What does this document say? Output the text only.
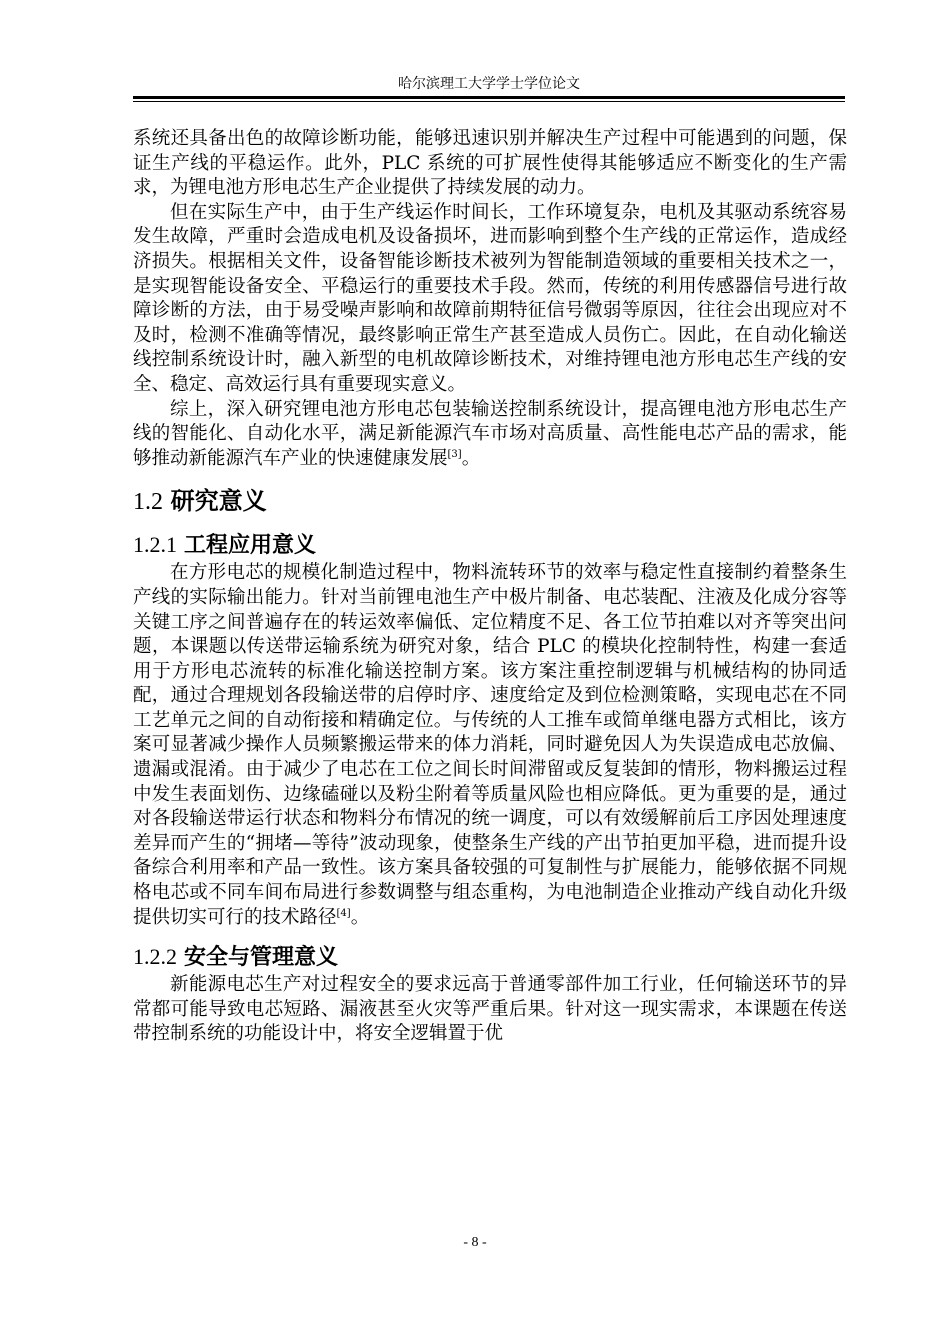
哈尔滨理工大学学士学位论文

系统还具备出色的故障诊断功能，能够迅速识别并解决生产过程中可能遇到的问题，保证生产线的平稳运作。此外，PLC 系统的可扩展性使得其能够适应不断变化的生产需求，为锂电池方形电芯生产企业提供了持续发展的动力。

但在实际生产中，由于生产线运作时间长，工作环境复杂，电机及其驱动系统容易发生故障，严重时会造成电机及设备损坏，进而影响到整个生产线的正常运作，造成经济损失。根据相关文件，设备智能诊断技术被列为智能制造领域的重要相关技术之一，是实现智能设备安全、平稳运行的重要技术手段。然而，传统的利用传感器信号进行故障诊断的方法，由于易受噪声影响和故障前期特征信号微弱等原因，往往会出现应对不及时，检测不准确等情况，最终影响正常生产甚至造成人员伤亡。因此，在自动化输送线控制系统设计时，融入新型的电机故障诊断技术，对维持锂电池方形电芯生产线的安全、稳定、高效运行具有重要现实意义。

综上，深入研究锂电池方形电芯包装输送控制系统设计，提高锂电池方形电芯生产线的智能化、自动化水平，满足新能源汽车市场对高质量、高性能电芯产品的需求，能够推动新能源汽车产业的快速健康发展[3]。

1.2 研究意义
1.2.1 工程应用意义

在方形电芯的规模化制造过程中，物料流转环节的效率与稳定性直接制约着整条生产线的实际输出能力。针对当前锂电池生产中极片制备、电芯装配、注液及化成分容等关键工序之间普遍存在的转运效率偏低、定位精度不足、各工位节拍难以对齐等突出问题，本课题以传送带运输系统为研究对象，结合 PLC 的模块化控制特性，构建一套适用于方形电芯流转的标准化输送控制方案。该方案注重控制逻辑与机械结构的协同适配，通过合理规划各段输送带的启停时序、速度给定及到位检测策略，实现电芯在不同工艺单元之间的自动衔接和精确定位。与传统的人工推车或简单继电器方式相比，该方案可显著减少操作人员频繁搬运带来的体力消耗，同时避免因人为失误造成电芯放偏、遗漏或混淆。由于减少了电芯在工位之间长时间滞留或反复装卸的情形，物料搬运过程中发生表面划伤、边缘磕碰以及粉尘附着等质量风险也相应降低。更为重要的是，通过对各段输送带运行状态和物料分布情况的统一调度，可以有效缓解前后工序因处理速度差异而产生的“拥堵—等待”波动现象，使整条生产线的产出节拍更加平稳，进而提升设备综合利用率和产品一致性。该方案具备较强的可复制性与扩展能力，能够依据不同规格电芯或不同车间布局进行参数调整与组态重构，为电池制造企业推动产线自动化升级提供切实可行的技术路径[4]。

1.2.2 安全与管理意义

新能源电芯生产对过程安全的要求远高于普通零部件加工行业，任何输送环节的异常都可能导致电芯短路、漏液甚至火灾等严重后果。针对这一现实需求，本课题在传送带控制系统的功能设计中，将安全逻辑置于优

- 8 -
